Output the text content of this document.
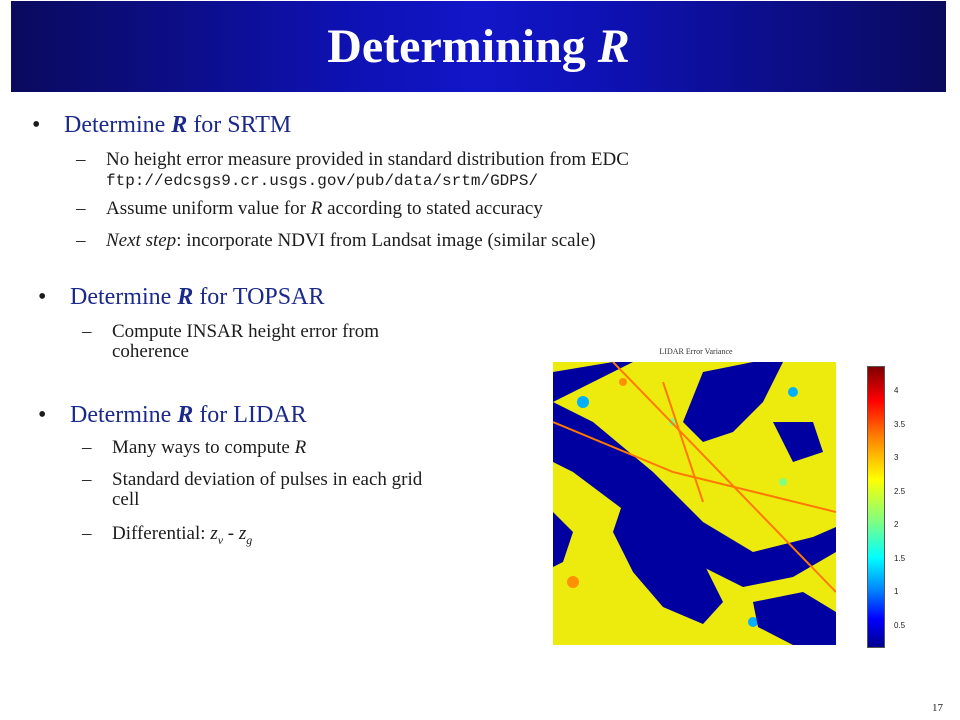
Determining R
• Determine R for SRTM
– No height error measure provided in standard distribution from EDC
ftp://edcsgs9.cr.usgs.gov/pub/data/srtm/GDPS/
– Assume uniform value for R according to stated accuracy
– Next step: incorporate NDVI from Landsat image (similar scale)
• Determine R for TOPSAR
– Compute INSAR height error from
coherence
• Determine R for LIDAR
– Many ways to compute R
– Standard deviation of pulses in each grid
cell
– Differential: $z_v - z_g$
LIDAR Error Variance
4
3.5
3
2.5
2
1.5
1
0.5
17
